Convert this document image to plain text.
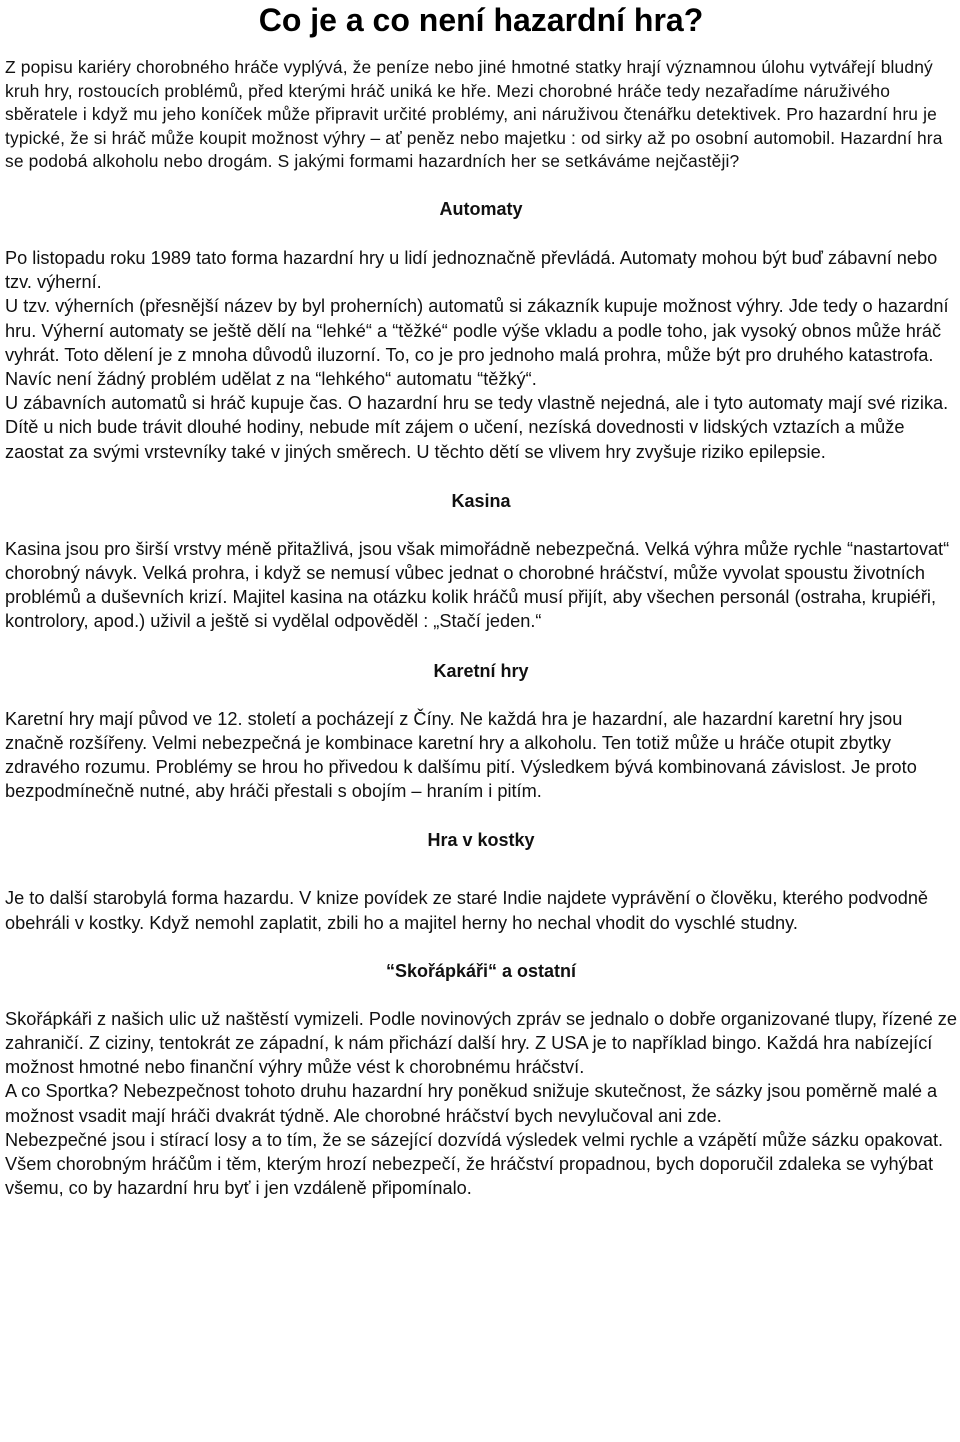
Co je a co není hazardní hra?

Z popisu kariéry chorobného hráče vyplývá, že peníze nebo jiné hmotné statky hrají významnou úlohu vytvářejí bludný kruh hry, rostoucích problémů, před kterými hráč uniká ke hře. Mezi chorobné hráče tedy nezařadíme náruživého sběratele i když mu jeho koníček může připravit určité problémy, ani náruživou čtenářku detektivek. Pro hazardní hru je typické, že si hráč může koupit možnost výhry – ať peněz nebo majetku : od sirky až po osobní automobil. Hazardní hra se podobá alkoholu nebo drogám. S jakými formami hazardních her se setkáváme nejčastěji?

Automaty

Po listopadu roku 1989 tato forma hazardní hry u lidí jednoznačně převládá. Automaty mohou být buď zábavní nebo tzv. výherní.

U tzv. výherních (přesnější název by byl proherních) automatů si zákazník kupuje možnost výhry. Jde tedy o hazardní hru. Výherní automaty se ještě dělí na “lehké“ a “těžké“ podle výše vkladu a podle toho, jak vysoký obnos může hráč vyhrát. Toto dělení je z mnoha důvodů iluzorní. To, co je pro jednoho malá prohra, může být pro druhého katastrofa. Navíc není žádný problém udělat z na “lehkého“ automatu “těžký“.

U zábavních automatů si hráč kupuje čas. O hazardní hru se tedy vlastně nejedná, ale i tyto automaty mají své rizika. Dítě u nich bude trávit dlouhé hodiny, nebude mít zájem o učení, nezíská dovednosti v lidských vztazích a může zaostat za svými vrstevníky také v jiných směrech. U těchto dětí se vlivem hry zvyšuje riziko epilepsie.

Kasina

Kasina jsou pro širší vrstvy méně přitažlivá, jsou však mimořádně nebezpečná. Velká výhra může rychle “nastartovat“ chorobný návyk. Velká prohra, i když se nemusí vůbec jednat o chorobné hráčství, může vyvolat spoustu životních problémů a duševních krizí. Majitel kasina na otázku kolik hráčů musí přijít, aby všechen personál (ostraha, krupiéři, kontrolory, apod.) uživil a ještě si vydělal odpověděl : „Stačí jeden.“

Karetní hry

Karetní hry mají původ ve 12. století a pocházejí z Číny. Ne každá hra je hazardní, ale hazardní karetní hry jsou značně rozšířeny. Velmi nebezpečná je kombinace karetní hry a alkoholu. Ten totiž může u hráče otupit zbytky zdravého rozumu. Problémy se hrou ho přivedou k dalšímu pití. Výsledkem bývá kombinovaná závislost. Je proto bezpodmínečně nutné, aby hráči přestali s obojím – hraním i pitím.

Hra v kostky

Je to další starobylá forma hazardu. V knize povídek ze staré Indie najdete vyprávění o člověku, kterého podvodně obehráli v kostky. Když nemohl zaplatit, zbili ho a majitel herny ho nechal vhodit do vyschlé studny.

“Skořápkáři“ a ostatní

Skořápkáři z našich ulic už naštěstí vymizeli. Podle novinových zpráv se jednalo o dobře organizované tlupy, řízené ze zahraničí. Z ciziny, tentokrát ze západní, k nám přichází další hry. Z USA je to například bingo. Každá hra nabízející možnost hmotné nebo finanční výhry může vést k chorobnému hráčství.

A co Sportka? Nebezpečnost tohoto druhu hazardní hry poněkud snižuje skutečnost, že sázky jsou poměrně malé a možnost vsadit mají hráči dvakrát týdně. Ale chorobné hráčství bych nevylučoval ani zde.

Nebezpečné jsou i stírací losy a to tím, že se sázející dozvídá výsledek velmi rychle a vzápětí může sázku opakovat.

Všem chorobným hráčům i těm, kterým hrozí nebezpečí, že hráčství propadnou, bych doporučil zdaleka se vyhýbat všemu, co by hazardní hru byť i jen vzdáleně připomínalo.
